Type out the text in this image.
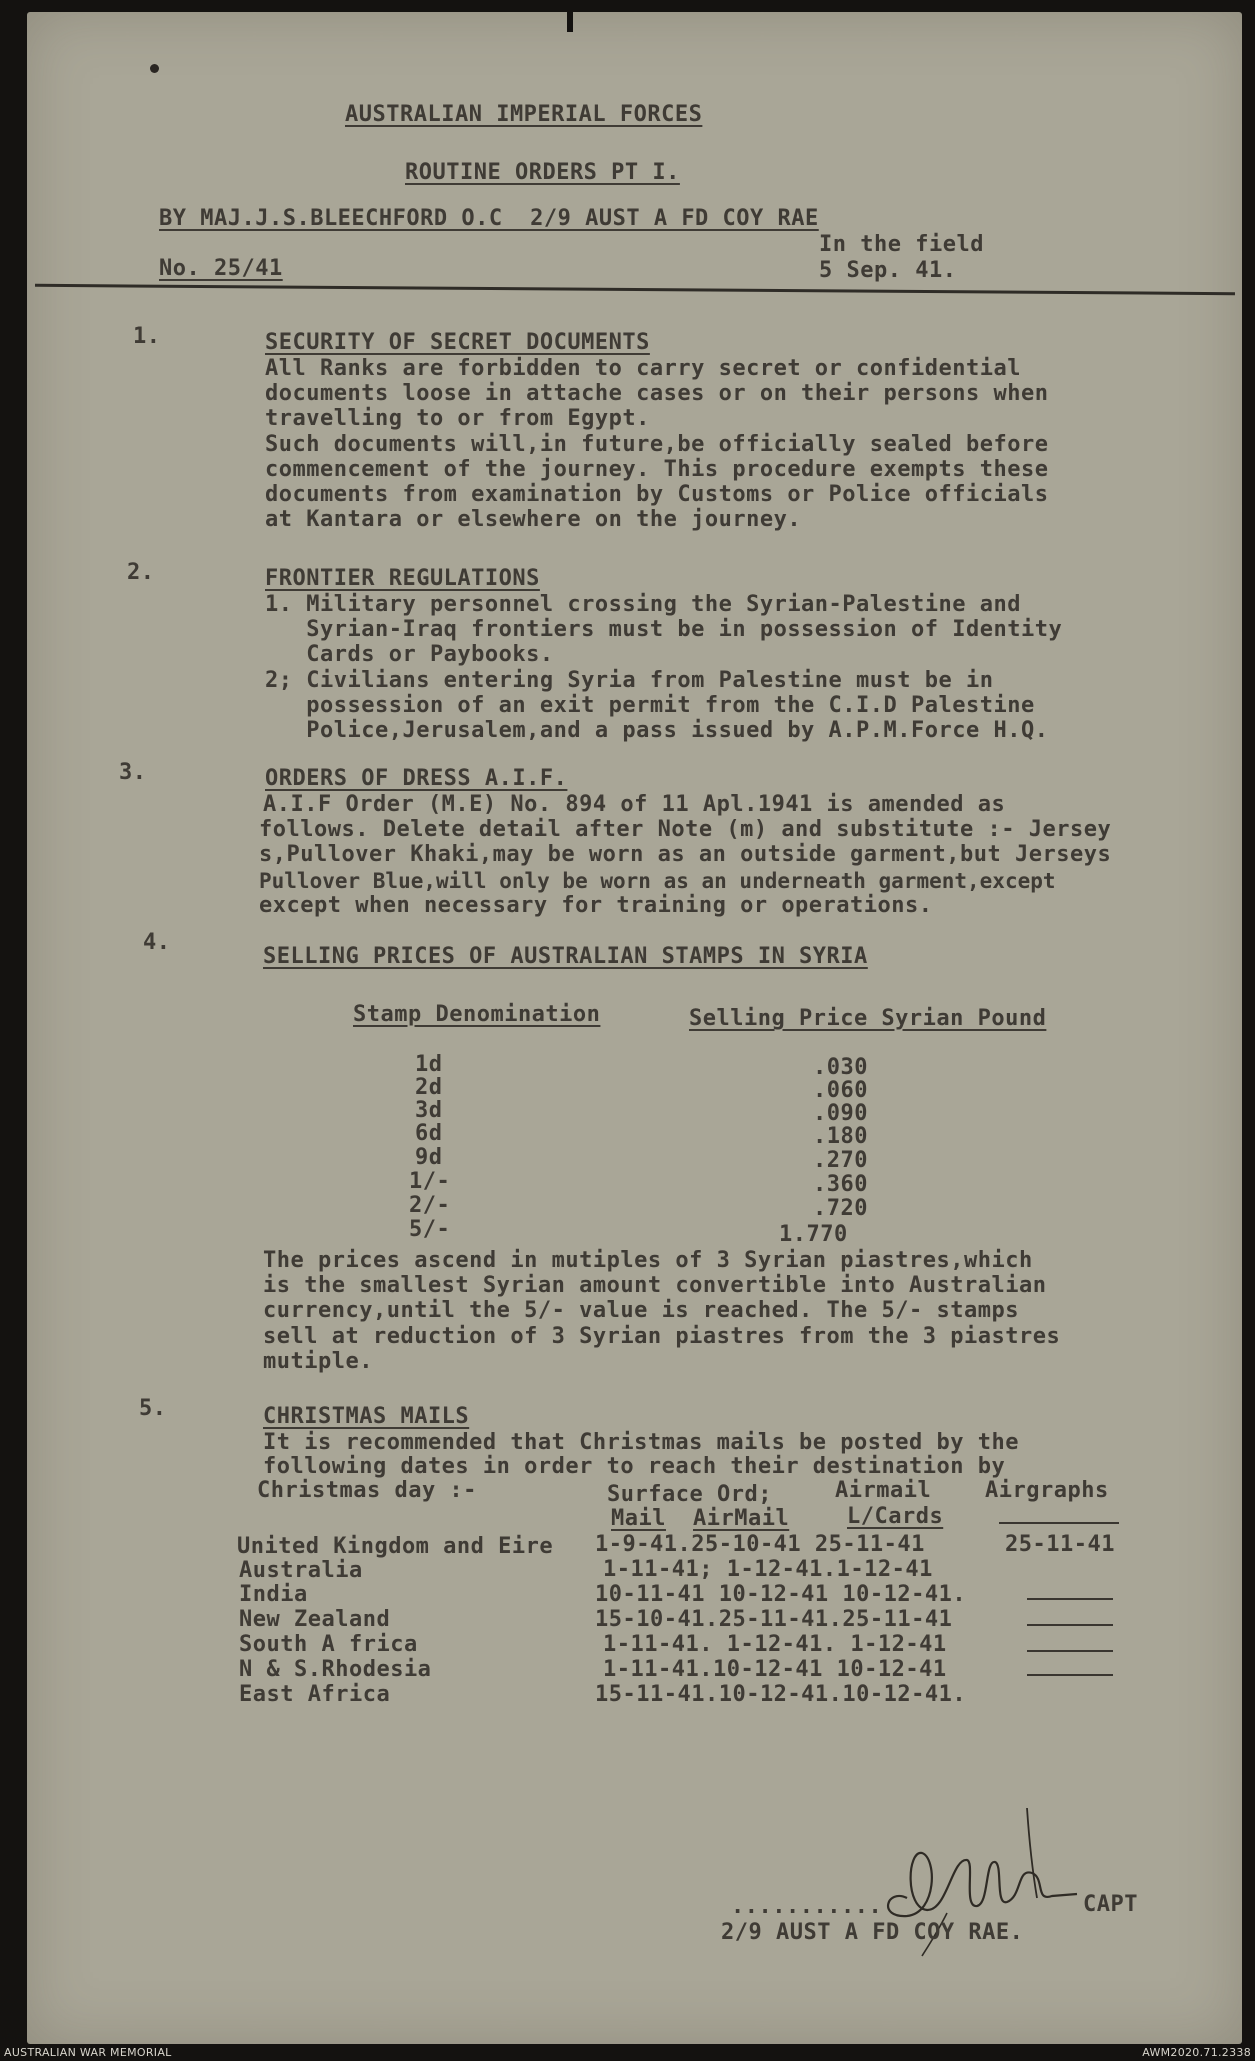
AUSTRALIAN IMPERIAL FORCES
ROUTINE ORDERS PT I.
BY MAJ.J.S.BLEECHFORD O.C  2/9 AUST A FD COY RAE
In the field
No. 25/41	5 Sep. 41.
1.	SECURITY OF SECRET DOCUMENTS
All Ranks are forbidden to carry secret or confidential
documents loose in attache cases or on their persons when
travelling to or from Egypt.
Such documents will,in future,be officially sealed before
commencement of the journey. This procedure exempts these
documents from examination by Customs or Police officials
at Kantara or elsewhere on the journey.
2.	FRONTIER REGULATIONS
1. Military personnel crossing the Syrian-Palestine and
Syrian-Iraq frontiers must be in possession of Identity
Cards or Paybooks.
2; Civilians entering Syria from Palestine must be in
possession of an exit permit from the C.I.D Palestine
Police,Jerusalem,and a pass issued by A.P.M.Force H.Q.
3.	ORDERS OF DRESS A.I.F.
A.I.F Order (M.E) No. 894 of 11 Apl.1941 is amended as
follows. Delete detail after Note (m) and substitute :- Jersey
s,Pullover Khaki,may be worn as an outside garment,but Jerseys
Pullover Blue,will only be worn as an underneath garment,except
except when necessary for training or operations.
4.
SELLING PRICES OF AUSTRALIAN STAMPS IN SYRIA
Stamp Denomination	Selling Price Syrian Pound
1d	.030
2d	.060
3d	.090
6d	.180
9d	.270
1/-	.360
2/-	.720
5/-	1.770
The prices ascend in mutiples of 3 Syrian piastres,which
is the smallest Syrian amount convertible into Australian
currency,until the 5/- value is reached. The 5/- stamps
sell at reduction of 3 Syrian piastres from the 3 piastres
mutiple.
5.	CHRISTMAS MAILS
It is recommended that Christmas mails be posted by the
following dates in order to reach their destination by
Christmas day :-	Surface Ord;	Airmail Airgraphs
Mail AirMail	L/Cards
United Kingdom and Eire 1-9-41.25-10-41 25-11-41	25-11-41
Australia	1-11-41; 1-12-41.1-12-41
India	10-11-41 10-12-41 10-12-41.
New Zealand	15-10-41.25-11-41.25-11-41
South A frica	1-11-41. 1-12-41. 1-12-41
N & S.Rhodesia	1-11-41.10-12-41 10-12-41
East Africa	15-11-41.10-12-41.10-12-41.
...........	CAPT
2/9 AUST A FD COY RAE.
AUSTRALIAN WAR MEMORIAL	AWM2020.71.2338
